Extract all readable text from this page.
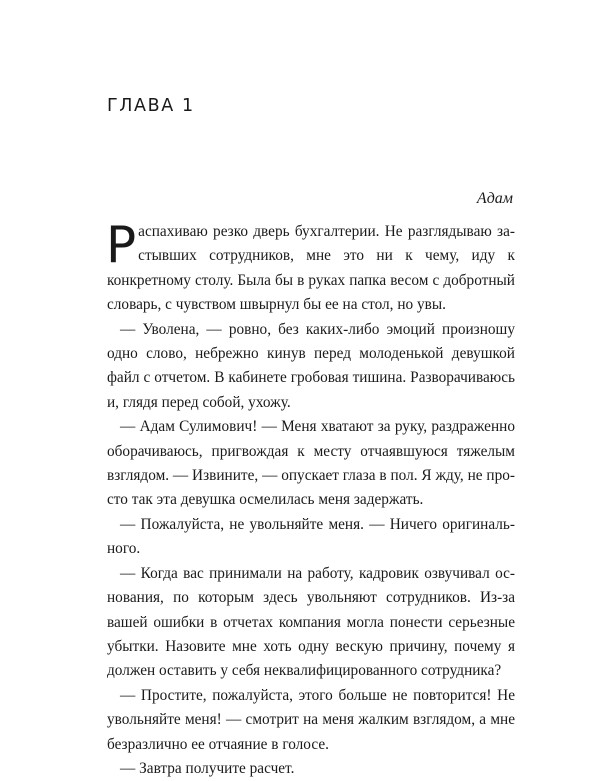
ГЛАВА 1
Адам

Распахиваю резко дверь бухгалтерии. Не разглядываю застывших сотрудников, мне это ни к чему, иду к конкретному столу. Была бы в руках папка весом с добротный словарь, с чувством швырнул бы ее на стол, но увы.

— Уволена, — ровно, без каких-либо эмоций произношу одно слово, небрежно кинув перед молоденькой девушкой файл с отчетом. В кабинете гробовая тишина. Разворачиваюсь и, глядя перед собой, ухожу.

— Адам Сулимович! — Меня хватают за руку, раздраженно оборачиваюсь, пригвождая к месту отчаявшуюся тяжелым взглядом. — Извините, — опускает глаза в пол. Я жду, не просто так эта девушка осмелилась меня задержать.

— Пожалуйста, не увольняйте меня. — Ничего оригинального.

— Когда вас принимали на работу, кадровик озвучивал основания, по которым здесь увольняют сотрудников. Из-за вашей ошибки в отчетах компания могла понести серьезные убытки. Назовите мне хоть одну вескую причину, почему я должен оставить у себя неквалифицированного сотрудника?

— Простите, пожалуйста, этого больше не повторится! Не увольняйте меня! — смотрит на меня жалким взглядом, а мне безразлично ее отчаяние в голосе.

— Завтра получите расчет.
